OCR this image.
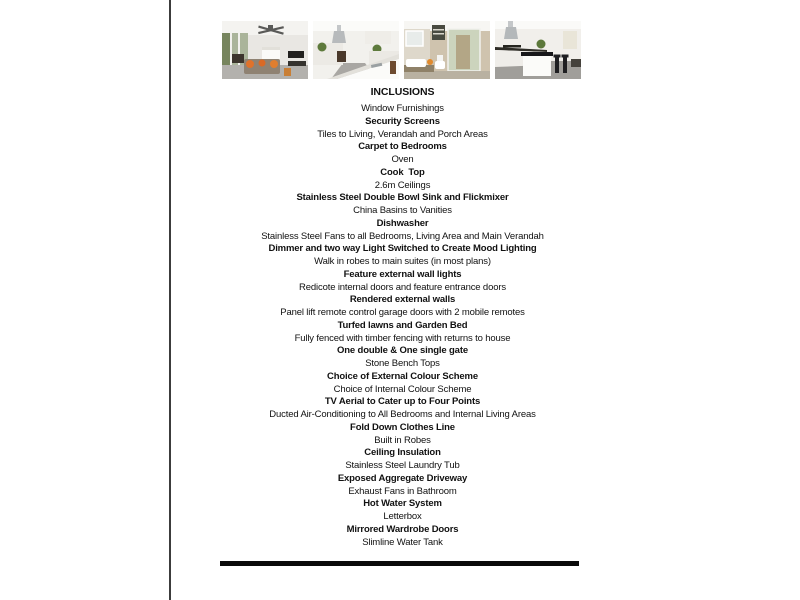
INCLUSIONS
Window Furnishings
Security Screens
Tiles to Living, Verandah and Porch Areas
Carpet to Bedrooms
Oven
Cook  Top
2.6m Ceilings
Stainless Steel Double Bowl Sink and Flickmixer
China Basins to Vanities
Dishwasher
Stainless Steel Fans to all Bedrooms, Living Area and Main Verandah
Dimmer and two way Light Switched to Create Mood Lighting
Walk in robes to main suites (in most plans)
Feature external wall lights
Redicote internal doors and feature entrance doors
Rendered external walls
Panel lift remote control garage doors with 2 mobile remotes
Turfed lawns and Garden Bed
Fully fenced with timber fencing with returns to house
One double & One single gate
Stone Bench Tops
Choice of External Colour Scheme
Choice of Internal Colour Scheme
TV Aerial to Cater up to Four Points
Ducted Air-Conditioning to All Bedrooms and Internal Living Areas
Fold Down Clothes Line
Built in Robes
Ceiling Insulation
Stainless Steel Laundry Tub
Exposed Aggregate Driveway
Exhaust Fans in Bathroom
Hot Water System
Letterbox
Mirrored Wardrobe Doors
Slimline Water Tank
